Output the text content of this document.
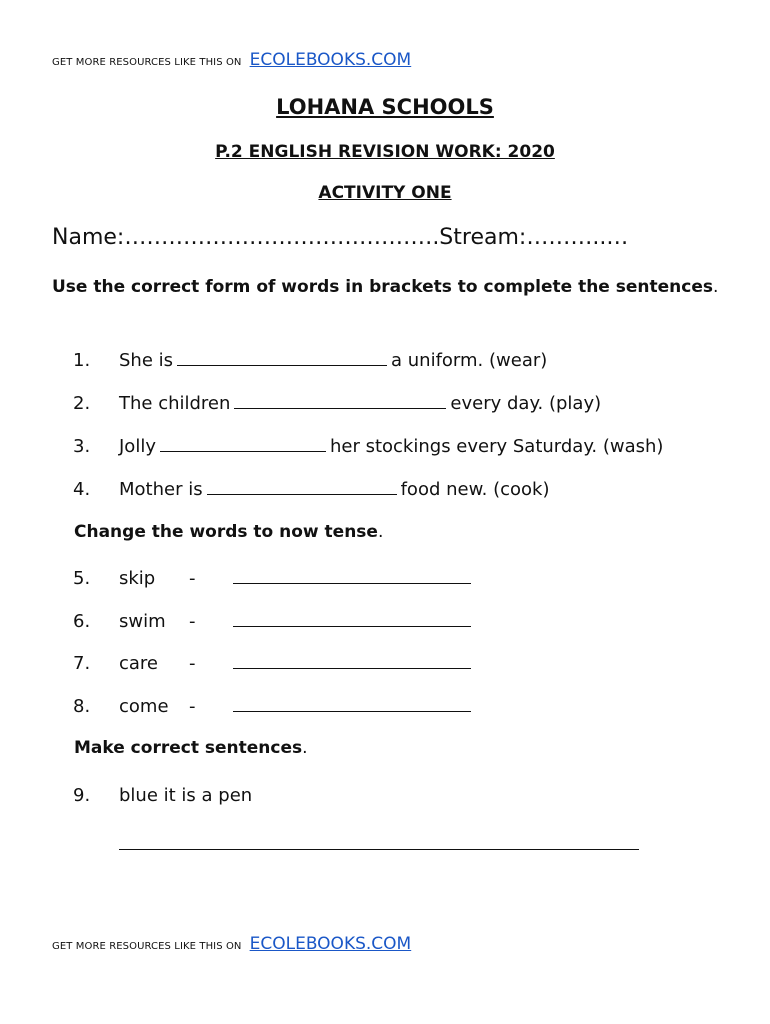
GET MORE RESOURCES LIKE THIS ON ECOLEBOOKS.COM
LOHANA SCHOOLS
P.2 ENGLISH REVISION WORK: 2020
ACTIVITY ONE
Name:…………………………………….Stream:………..…
Use the correct form of words in brackets to complete the sentences.
1. She is	a uniform. (wear)
2. The children	every day. (play)
3. Jolly	her stockings every Saturday. (wash)
4. Mother is	food new. (cook)
Change the words to now tense.
5. skip -
6. swim -
7. care -
8. come -
Make correct sentences.
9. blue it is a pen
GET MORE RESOURCES LIKE THIS ON ECOLEBOOKS.COM
